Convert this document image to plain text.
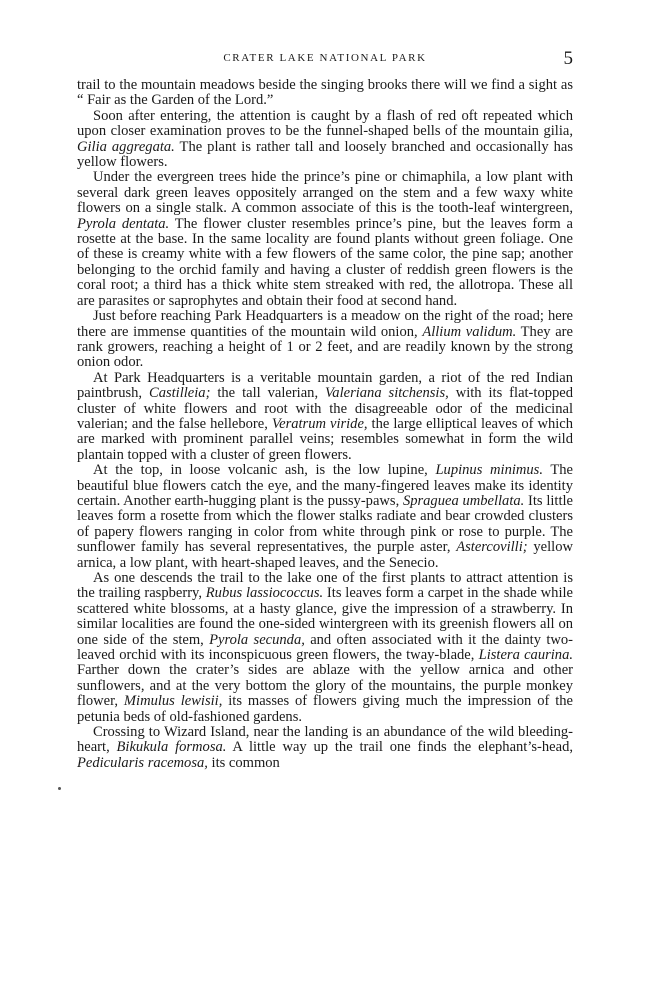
CRATER LAKE NATIONAL PARK	5

trail to the mountain meadows beside the singing brooks there will we find a sight as “ Fair as the Garden of the Lord.”

Soon after entering, the attention is caught by a flash of red oft repeated which upon closer examination proves to be the funnel-shaped bells of the mountain gilia, Gilia aggregata. The plant is rather tall and loosely branched and occasionally has yellow flowers.

Under the evergreen trees hide the prince’s pine or chimaphila, a low plant with several dark green leaves oppositely arranged on the stem and a few waxy white flowers on a single stalk. A common associate of this is the tooth-leaf wintergreen, Pyrola dentata. The flower cluster resembles prince’s pine, but the leaves form a rosette at the base. In the same locality are found plants without green foliage. One of these is creamy white with a few flowers of the same color, the pine sap; another belonging to the orchid family and having a cluster of reddish green flowers is the coral root; a third has a thick white stem streaked with red, the allotropa. These all are parasites or saprophytes and obtain their food at second hand.

Just before reaching Park Headquarters is a meadow on the right of the road; here there are immense quantities of the mountain wild onion, Allium validum. They are rank growers, reaching a height of 1 or 2 feet, and are readily known by the strong onion odor.

At Park Headquarters is a veritable mountain garden, a riot of the red Indian paintbrush, Castilleia; the tall valerian, Valeriana sitchensis, with its flat-topped cluster of white flowers and root with the disagreeable odor of the medicinal valerian; and the false hellebore, Veratrum viride, the large elliptical leaves of which are marked with prominent parallel veins; resembles somewhat in form the wild plantain topped with a cluster of green flowers.

At the top, in loose volcanic ash, is the low lupine, Lupinus minimus. The beautiful blue flowers catch the eye, and the many-fingered leaves make its identity certain. Another earth-hugging plant is the pussy-paws, Spraguea umbellata. Its little leaves form a rosette from which the flower stalks radiate and bear crowded clusters of papery flowers ranging in color from white through pink or rose to purple. The sunflower family has several representatives, the purple aster, Astercovilli; yellow arnica, a low plant, with heart-shaped leaves, and the Senecio.

As one descends the trail to the lake one of the first plants to attract attention is the trailing raspberry, Rubus lassiococcus. Its leaves form a carpet in the shade while scattered white blossoms, at a hasty glance, give the impression of a strawberry. In similar localities are found the one-sided wintergreen with its greenish flowers all on one side of the stem, Pyrola secunda, and often associated with it the dainty two-leaved orchid with its inconspicuous green flowers, the tway-blade, Listera caurina. Farther down the crater’s sides are ablaze with the yellow arnica and other sunflowers, and at the very bottom the glory of the mountains, the purple monkey flower, Mimulus lewisii, its masses of flowers giving much the impression of the petunia beds of old-fashioned gardens.

Crossing to Wizard Island, near the landing is an abundance of the wild bleeding-heart, Bikukula formosa. A little way up the trail one finds the elephant’s-head, Pedicularis racemosa, its common
